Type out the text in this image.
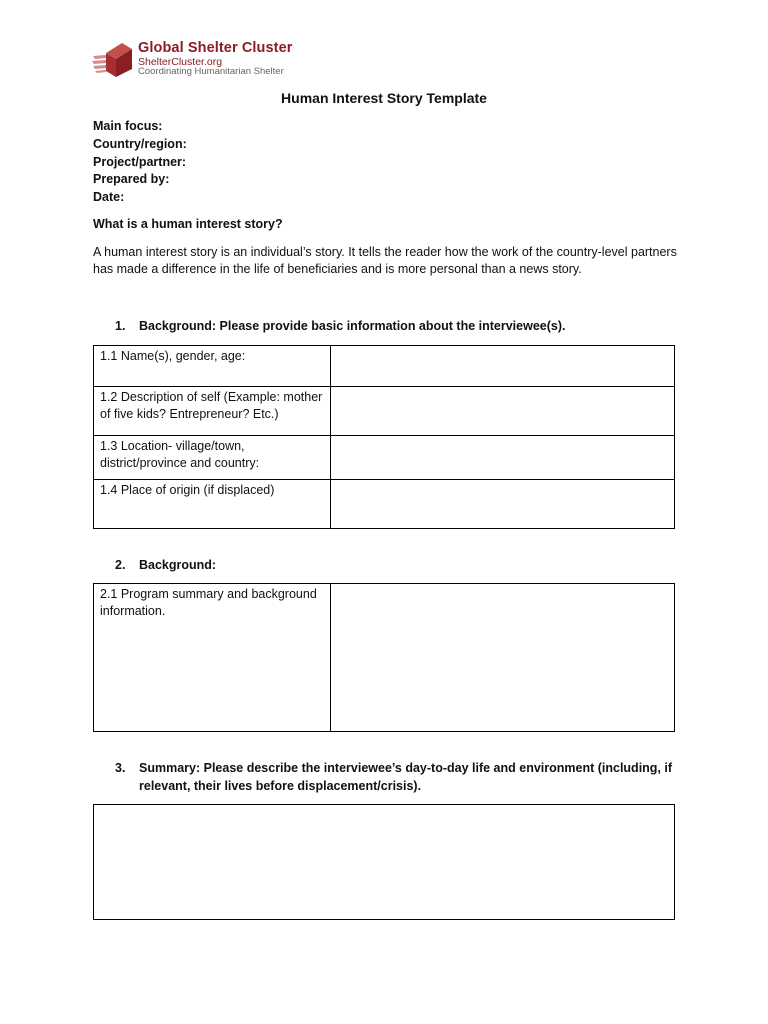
Global Shelter Cluster
ShelterCluster.org
Coordinating Humanitarian Shelter
Human Interest Story Template
Main focus:
Country/region:
Project/partner:
Prepared by:
Date:
What is a human interest story?
A human interest story is an individual’s story. It tells the reader how the work of the country-level partners has made a difference in the life of beneficiaries and is more personal than a news story.
1. Background: Please provide basic information about the interviewee(s).
1.1 Name(s), gender, age:	
1.2 Description of self (Example: mother of five kids? Entrepreneur? Etc.)	
1.3 Location- village/town, district/province and country:	
1.4 Place of origin (if displaced)	
2. Background:
2.1 Program summary and background information.	
3. Summary: Please describe the interviewee’s day-to-day life and environment (including, if relevant, their lives before displacement/crisis).
